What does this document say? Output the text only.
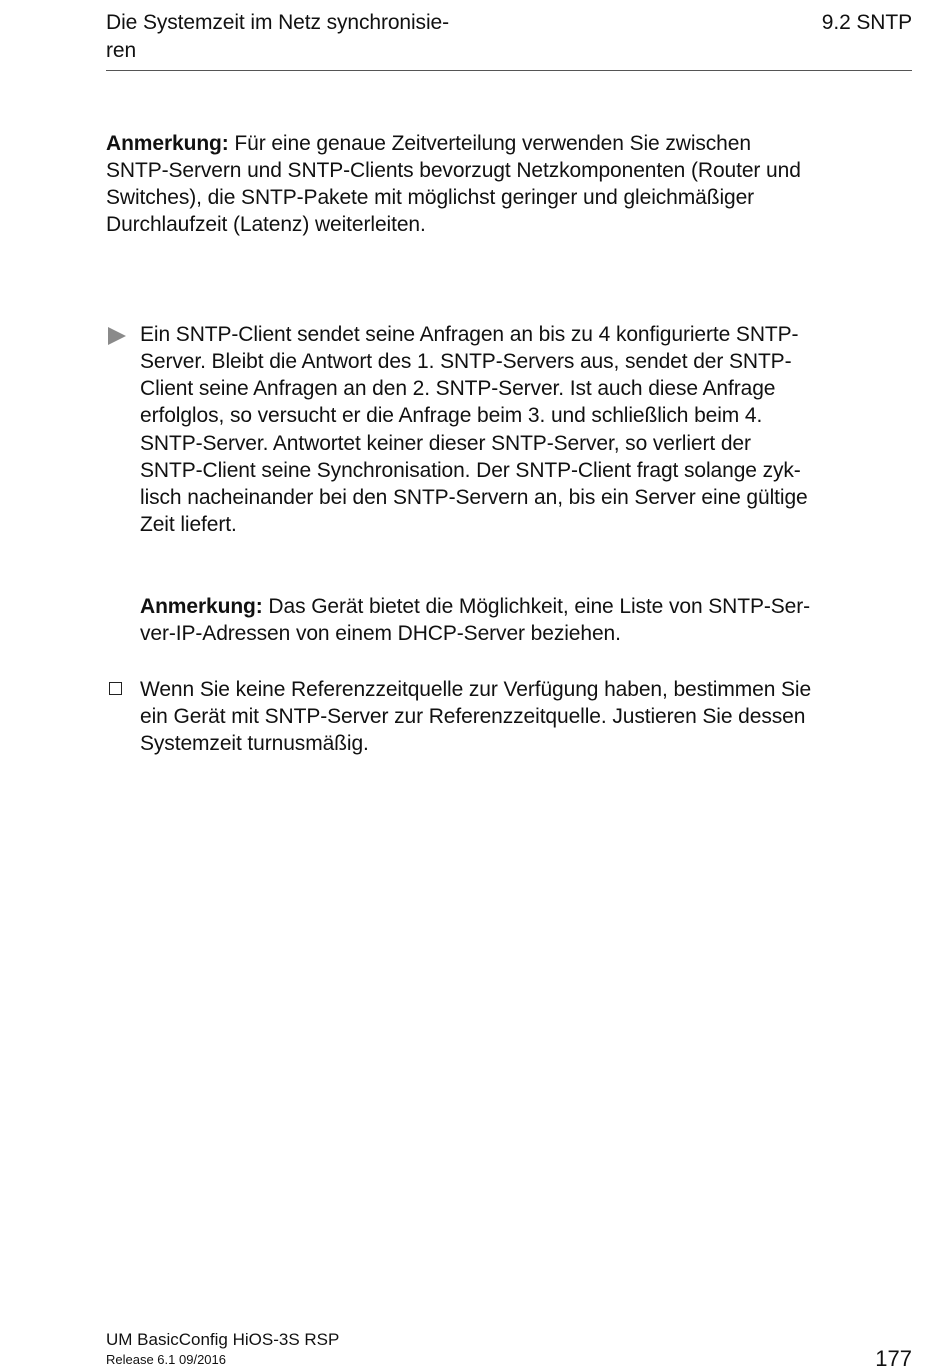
Die Systemzeit im Netz synchronisie-
ren
9.2 SNTP
Anmerkung: Für eine genaue Zeitverteilung verwenden Sie zwischen
SNTP-Servern und SNTP-Clients bevorzugt Netzkomponenten (Router und
Switches), die SNTP-Pakete mit möglichst geringer und gleichmäßiger
Durchlaufzeit (Latenz) weiterleiten.
Ein SNTP-Client sendet seine Anfragen an bis zu 4 konfigurierte SNTP-
Server. Bleibt die Antwort des 1. SNTP-Servers aus, sendet der SNTP-
Client seine Anfragen an den 2. SNTP-Server. Ist auch diese Anfrage
erfolglos, so versucht er die Anfrage beim 3. und schließlich beim 4.
SNTP-Server. Antwortet keiner dieser SNTP-Server, so verliert der
SNTP-Client seine Synchronisation. Der SNTP-Client fragt solange zyk-
lisch nacheinander bei den SNTP-Servern an, bis ein Server eine gültige
Zeit liefert.
Anmerkung: Das Gerät bietet die Möglichkeit, eine Liste von SNTP-Ser-
ver-IP-Adressen von einem DHCP-Server beziehen.
Wenn Sie keine Referenzzeitquelle zur Verfügung haben, bestimmen Sie
ein Gerät mit SNTP-Server zur Referenzzeitquelle. Justieren Sie dessen
Systemzeit turnusmäßig.
UM BasicConfig HiOS-3S RSP
Release 6.1 09/2016	177
